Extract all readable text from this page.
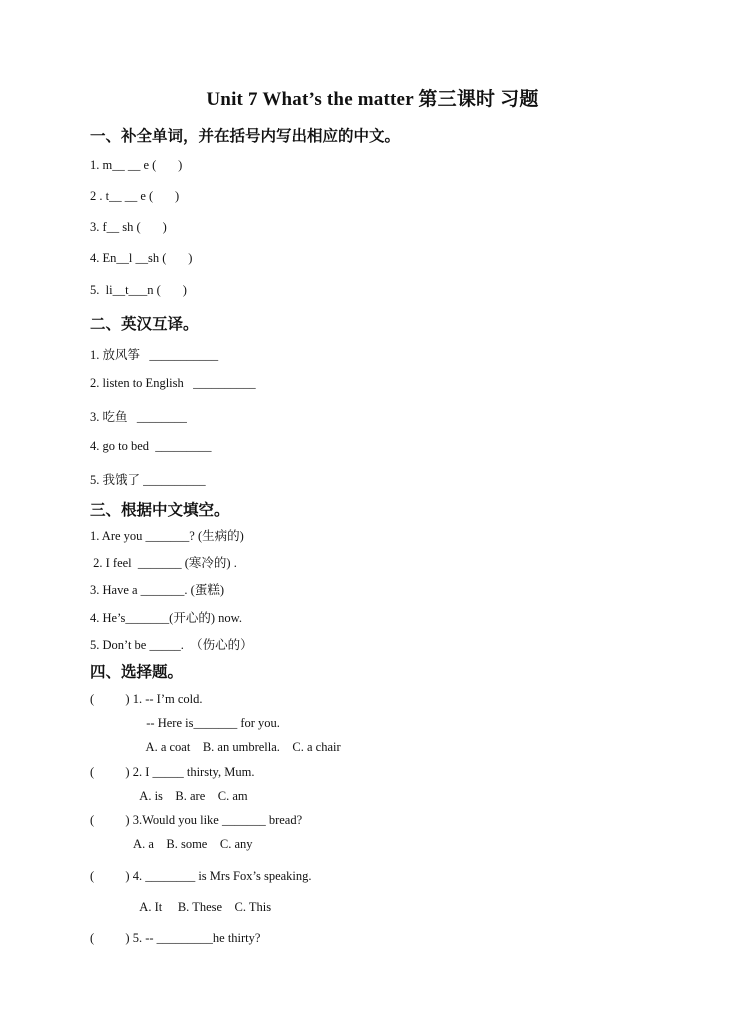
Unit 7 What’s the matter 第三课时 习题
一、补全单词，并在括号内写出相应的中文。
1. m__ __ e (       )
2 . t__ __ e (       )
3. f__ sh (       )
4. En__l __sh (       )
5.  li__t___n (       )
二、英汉互译。
1. 放风筝   ___________
2. listen to English   __________
3. 吃鱼   ________
4. go to bed  _________
5. 我饿了 __________
三、根据中文填空。
1. Are you _______? (生病的)
2. I feel  _______ (寒冷的) .
3. Have a _______. (蛋糕)
4. He’s_______(开心的) now.
5. Don’t be _____.  （伤心的）
四、选择题。
(          ) 1. -- I’m cold.
-- Here is_______ for you.
A. a coat    B. an umbrella.    C. a chair
(          ) 2. I _____ thirsty, Mum.
A. is    B. are    C. am
(          ) 3.Would you like _______ bread?
A. a    B. some    C. any
(          ) 4. ________ is Mrs Fox’s speaking.
A. It     B. These    C. This
(          ) 5. -- _________he thirty?
